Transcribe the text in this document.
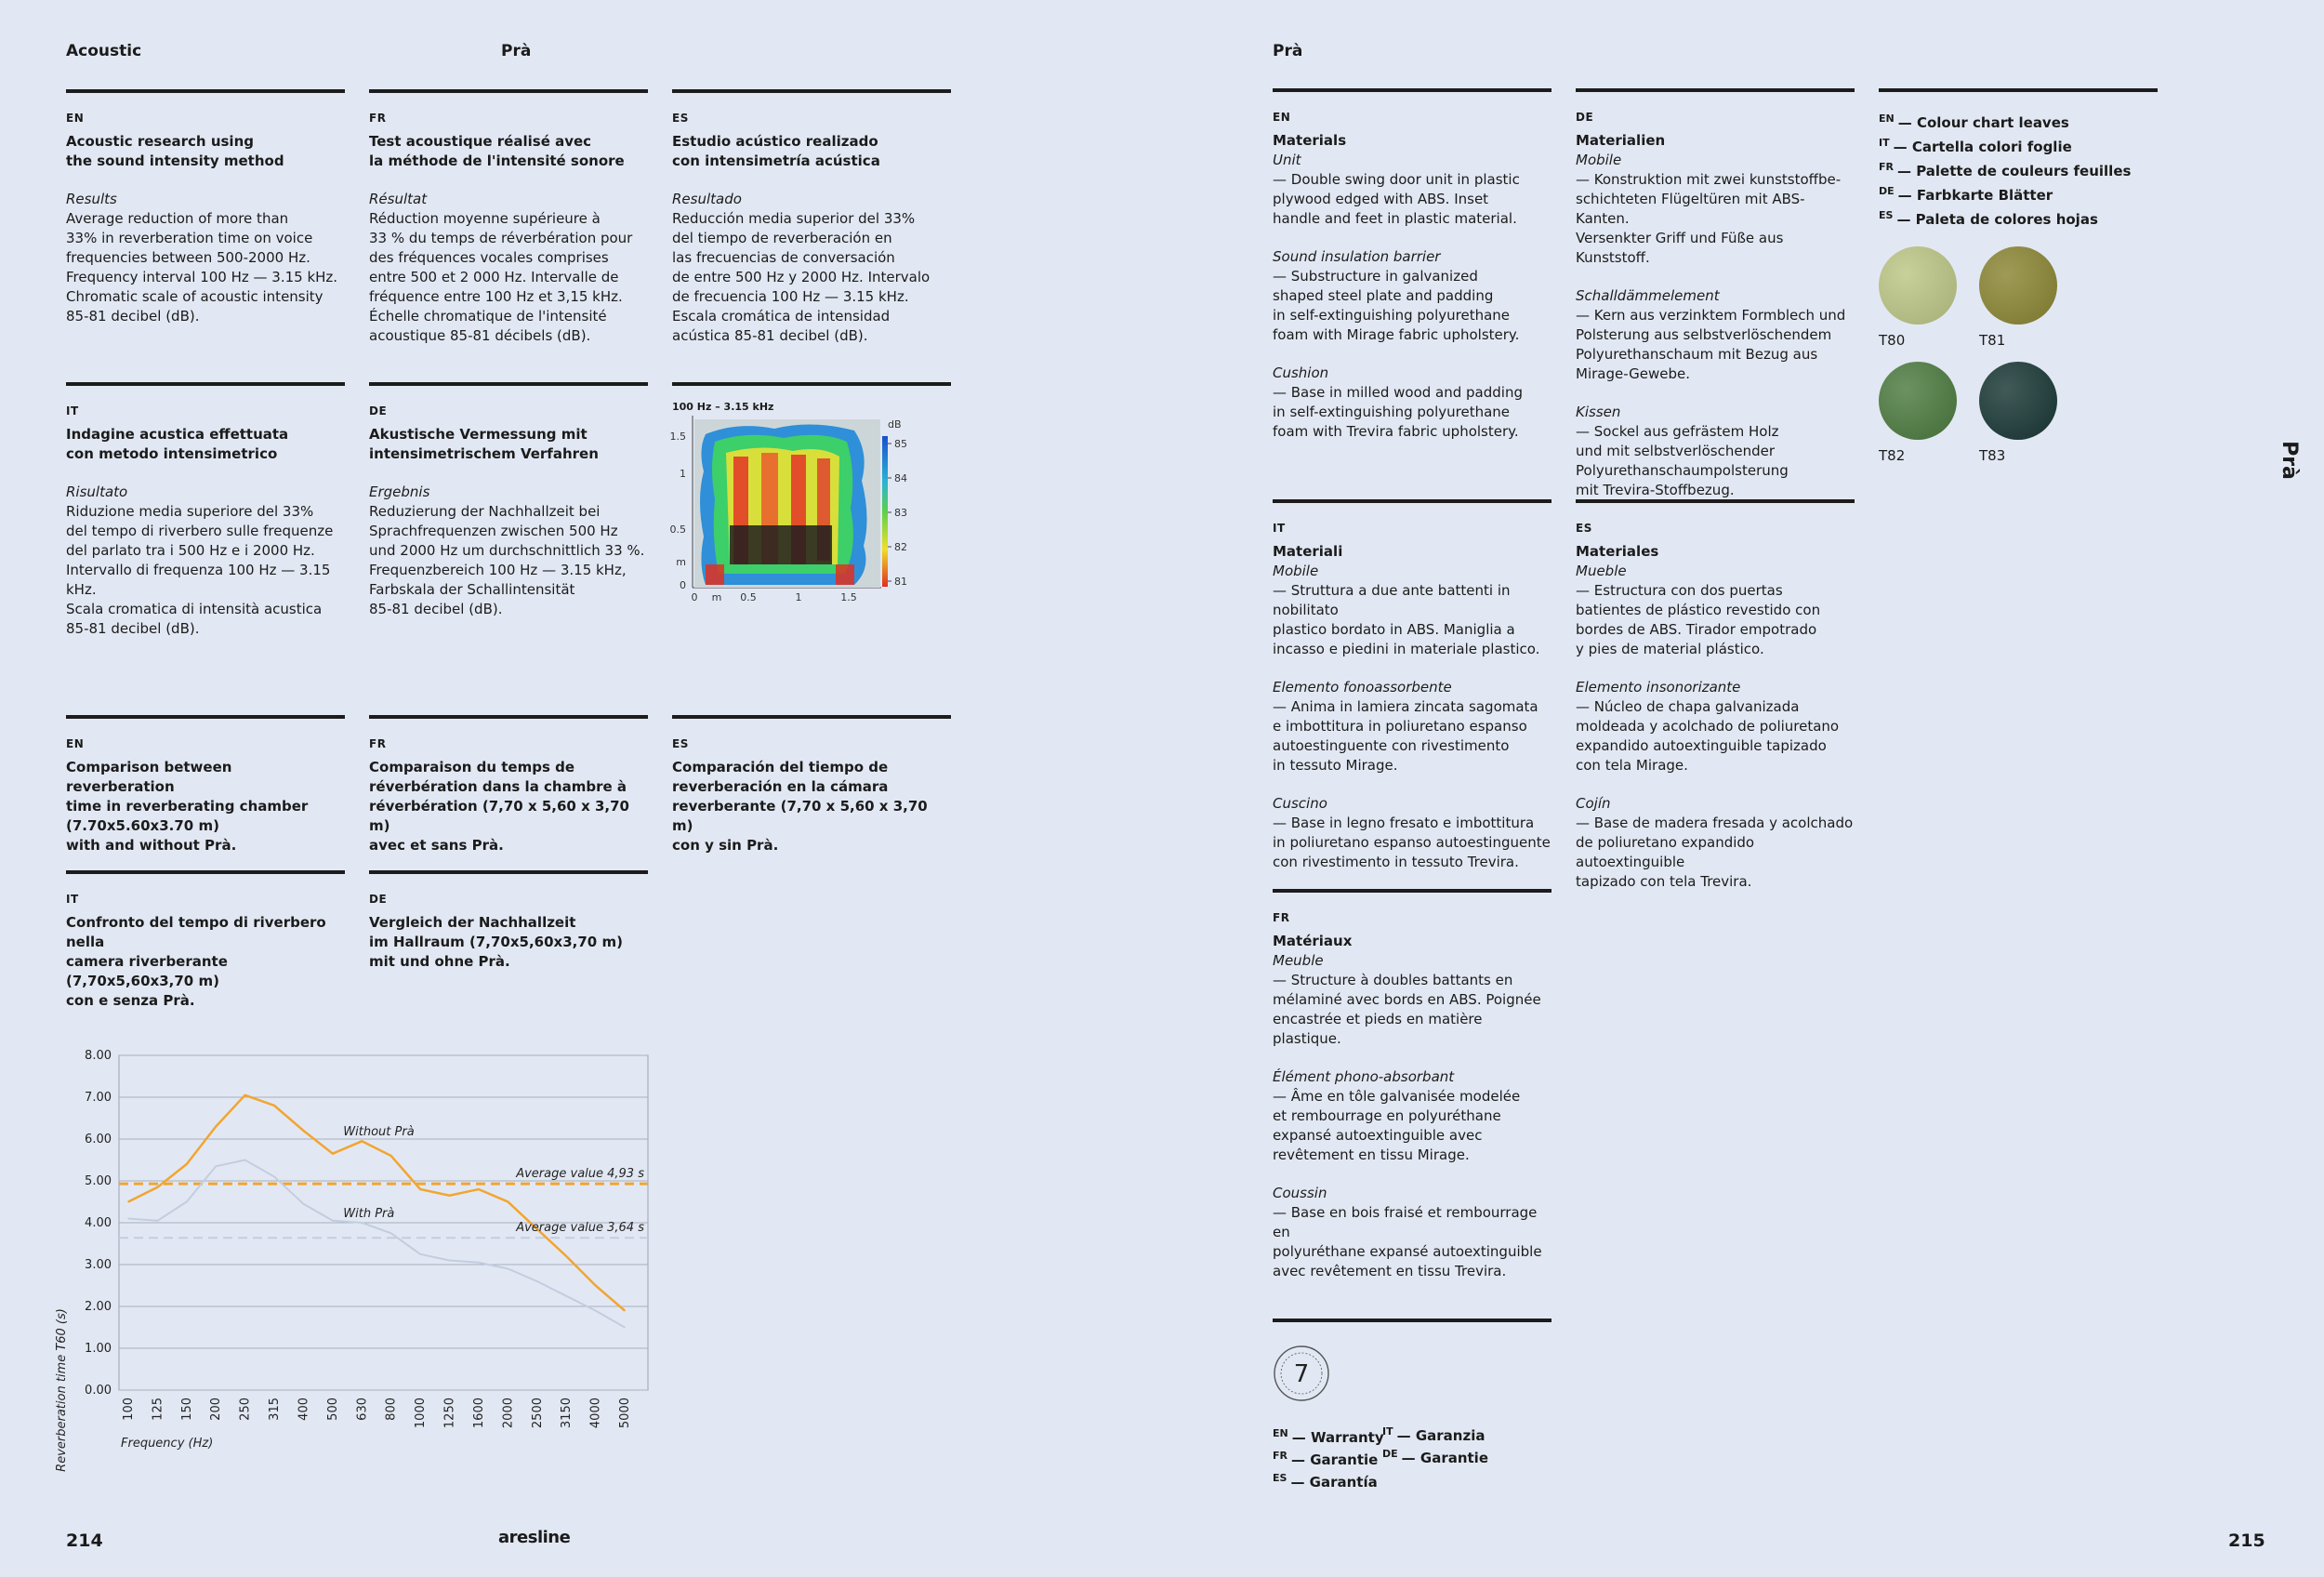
Acoustic	Prà	Prà
Prà
EN
Acoustic research using
the sound intensity method
Results
Average reduction of more than
33% in reverberation time on voice
frequencies between 500-2000 Hz.
Frequency interval 100 Hz — 3.15 kHz.
Chromatic scale of acoustic intensity
85-81 decibel (dB).
FR
Test acoustique réalisé avec
la méthode de l'intensité sonore
Résultat
Réduction moyenne supérieure à
33 % du temps de réverbération pour
des fréquences vocales comprises
entre 500 et 2 000 Hz. Intervalle de
fréquence entre 100 Hz et 3,15 kHz.
Échelle chromatique de l'intensité
acoustique 85-81 décibels (dB).
ES
Estudio acústico realizado
con intensimetría acústica
Resultado
Reducción media superior del 33%
del tiempo de reverberación en
las frecuencias de conversación
de entre 500 Hz y 2000 Hz. Intervalo
de frecuencia 100 Hz — 3.15 kHz.
Escala cromática de intensidad
acústica 85-81 decibel (dB).
IT
Indagine acustica effettuata
con metodo intensimetrico
Risultato
Riduzione media superiore del 33%
del tempo di riverbero sulle frequenze
del parlato tra i 500 Hz e i 2000 Hz.
Intervallo di frequenza 100 Hz — 3.15 kHz.
Scala cromatica di intensità acustica
85-81 decibel (dB).
DE
Akustische Vermessung mit
intensimetrischem Verfahren
Ergebnis
Reduzierung der Nachhallzeit bei
Sprachfrequenzen zwischen 500 Hz
und 2000 Hz um durchschnittlich 33 %.
Frequenzbereich 100 Hz — 3.15 kHz,
Farbskala der Schallintensität
85-81 decibel (dB).
100 Hz – 3.15 kHz
dB
85
84
83
82
81
1.5
1
0.5
m
0
0 m 0.5	1	1.5
EN
Comparison between reverberation
time in reverberating chamber
(7.70x5.60x3.70 m)
with and without Prà.
FR
Comparaison du temps de
réverbération dans la chambre à
réverbération (7,70 x 5,60 x 3,70 m)
avec et sans Prà.
ES
Comparación del tiempo de
reverberación en la cámara
reverberante (7,70 x 5,60 x 3,70 m)
con y sin Prà.
IT
Confronto del tempo di riverbero nella
camera riverberante (7,70x5,60x3,70 m)
con e senza Prà.
DE
Vergleich der Nachhallzeit
im Hallraum (7,70x5,60x3,70 m)
mit und ohne Prà.
0.00
1.00
2.00
3.00
4.00
5.00
6.00
7.00
8.00
100 125 150 200 250 315 400 500 630 800 1000 1250 1600 2000 2500 3150 4000 5000
Average value 4,93 s
Average value 3,64 s
Without Prà
With Prà
Reverberation time T60 (s)	Frequency (Hz)
EN
Materials
Unit
— Double swing door unit in plastic
plywood edged with ABS. Inset
handle and feet in plastic material.
Sound insulation barrier
— Substructure in galvanized
shaped steel plate and padding
in self-extinguishing polyurethane
foam with Mirage fabric upholstery.
Cushion
— Base in milled wood and padding
in self-extinguishing polyurethane
foam with Trevira fabric upholstery.
DE
Materialien
Mobile
— Konstruktion mit zwei kunststoffbe-
schichteten Flügeltüren mit ABS-Kanten.
Versenkter Griff und Füße aus Kunststoff.
Schalldämmelement
— Kern aus verzinktem Formblech und
Polsterung aus selbstverlöschendem
Polyurethanschaum mit Bezug aus
Mirage-Gewebe.
Kissen
— Sockel aus gefrästem Holz
und mit selbstverlöschender
Polyurethanschaumpolsterung
mit Trevira-Stoffbezug.
IT
Materiali
Mobile
— Struttura a due ante battenti in nobilitato
plastico bordato in ABS. Maniglia a
incasso e piedini in materiale plastico.
Elemento fonoassorbente
— Anima in lamiera zincata sagomata
e imbottitura in poliuretano espanso
autoestinguente con rivestimento
in tessuto Mirage.
Cuscino
— Base in legno fresato e imbottitura
in poliuretano espanso autoestinguente
con rivestimento in tessuto Trevira.
ES
Materiales
Mueble
— Estructura con dos puertas
batientes de plástico revestido con
bordes de ABS. Tirador empotrado
y pies de material plástico.
Elemento insonorizante
— Núcleo de chapa galvanizada
moldeada y acolchado de poliuretano
expandido autoextinguible tapizado
con tela Mirage.
Cojín
— Base de madera fresada y acolchado
de poliuretano expandido autoextinguible
tapizado con tela Trevira.
FR
Matériaux
Meuble
— Structure à doubles battants en
mélaminé avec bords en ABS. Poignée
encastrée et pieds en matière plastique.
Élément phono-absorbant
— Âme en tôle galvanisée modelée
et rembourrage en polyuréthane
expansé autoextinguible avec
revêtement en tissu Mirage.
Coussin
— Base en bois fraisé et rembourrage en
polyuréthane expansé autoextinguible
avec revêtement en tissu Trevira.
$^{EN}$ — Colour chart leaves
$^{IT}$ — Cartella colori foglie
$^{FR}$ — Palette de couleurs feuilles
$^{DE}$ — Farbkarte Blätter
$^{ES}$ — Paleta de colores hojas
T80	T81
T82	T83
7
$^{EN}$ — Warranty
$^{FR}$ — Garantie
$^{ES}$ — Garantía
$^{IT}$ — Garanzia
$^{DE}$ — Garantie
214	aresline	215
